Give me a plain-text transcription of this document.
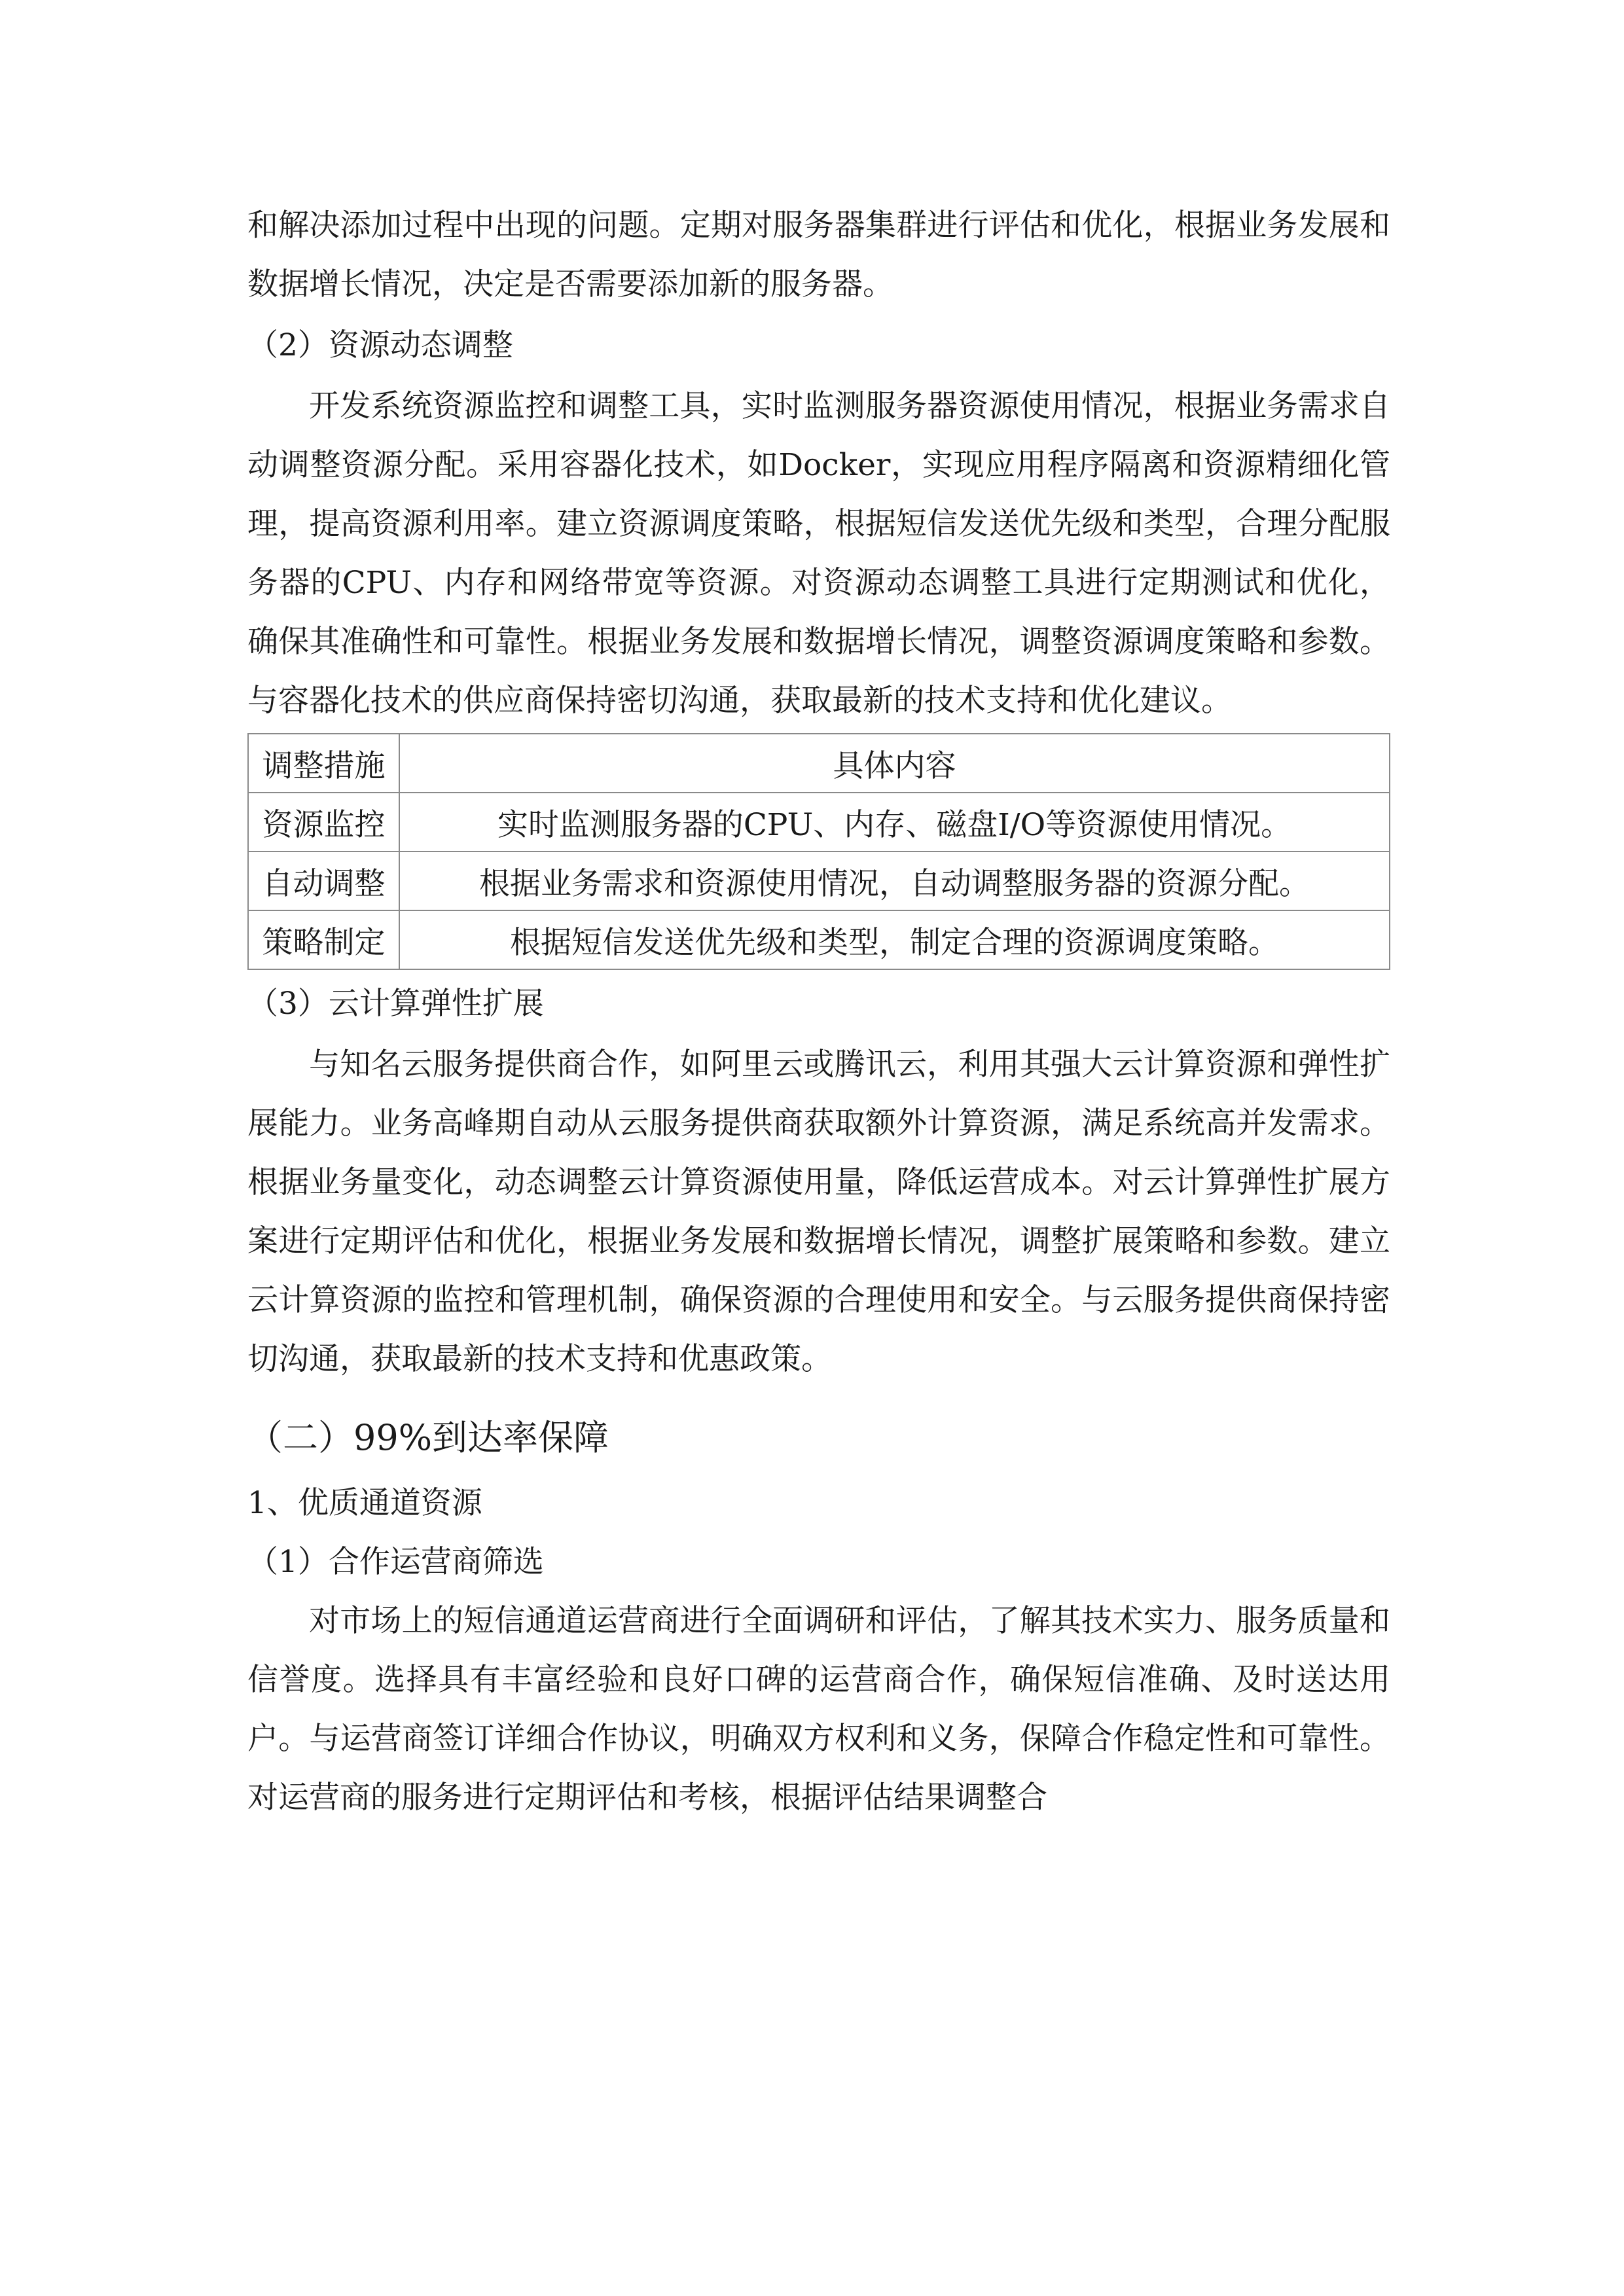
和解决添加过程中出现的问题。定期对服务器集群进行评估和优化，根据业务发展和数据增长情况，决定是否需要添加新的服务器。

（2）资源动态调整

开发系统资源监控和调整工具，实时监测服务器资源使用情况，根据业务需求自动调整资源分配。采用容器化技术，如Docker，实现应用程序隔离和资源精细化管理，提高资源利用率。建立资源调度策略，根据短信发送优先级和类型，合理分配服务器的CPU、内存和网络带宽等资源。对资源动态调整工具进行定期测试和优化，确保其准确性和可靠性。根据业务发展和数据增长情况，调整资源调度策略和参数。与容器化技术的供应商保持密切沟通，获取最新的技术支持和优化建议。

调整措施	具体内容
资源监控	实时监测服务器的CPU、内存、磁盘I/O等资源使用情况。
自动调整	根据业务需求和资源使用情况，自动调整服务器的资源分配。
策略制定	根据短信发送优先级和类型，制定合理的资源调度策略。
（3）云计算弹性扩展

与知名云服务提供商合作，如阿里云或腾讯云，利用其强大云计算资源和弹性扩展能力。业务高峰期自动从云服务提供商获取额外计算资源，满足系统高并发需求。根据业务量变化，动态调整云计算资源使用量，降低运营成本。对云计算弹性扩展方案进行定期评估和优化，根据业务发展和数据增长情况，调整扩展策略和参数。建立云计算资源的监控和管理机制，确保资源的合理使用和安全。与云服务提供商保持密切沟通，获取最新的技术支持和优惠政策。

（二）99%到达率保障
1、优质通道资源
（1）合作运营商筛选

对市场上的短信通道运营商进行全面调研和评估，了解其技术实力、服务质量和信誉度。选择具有丰富经验和良好口碑的运营商合作，确保短信准确、及时送达用户。与运营商签订详细合作协议，明确双方权利和义务，保障合作稳定性和可靠性。对运营商的服务进行定期评估和考核，根据评估结果调整合
